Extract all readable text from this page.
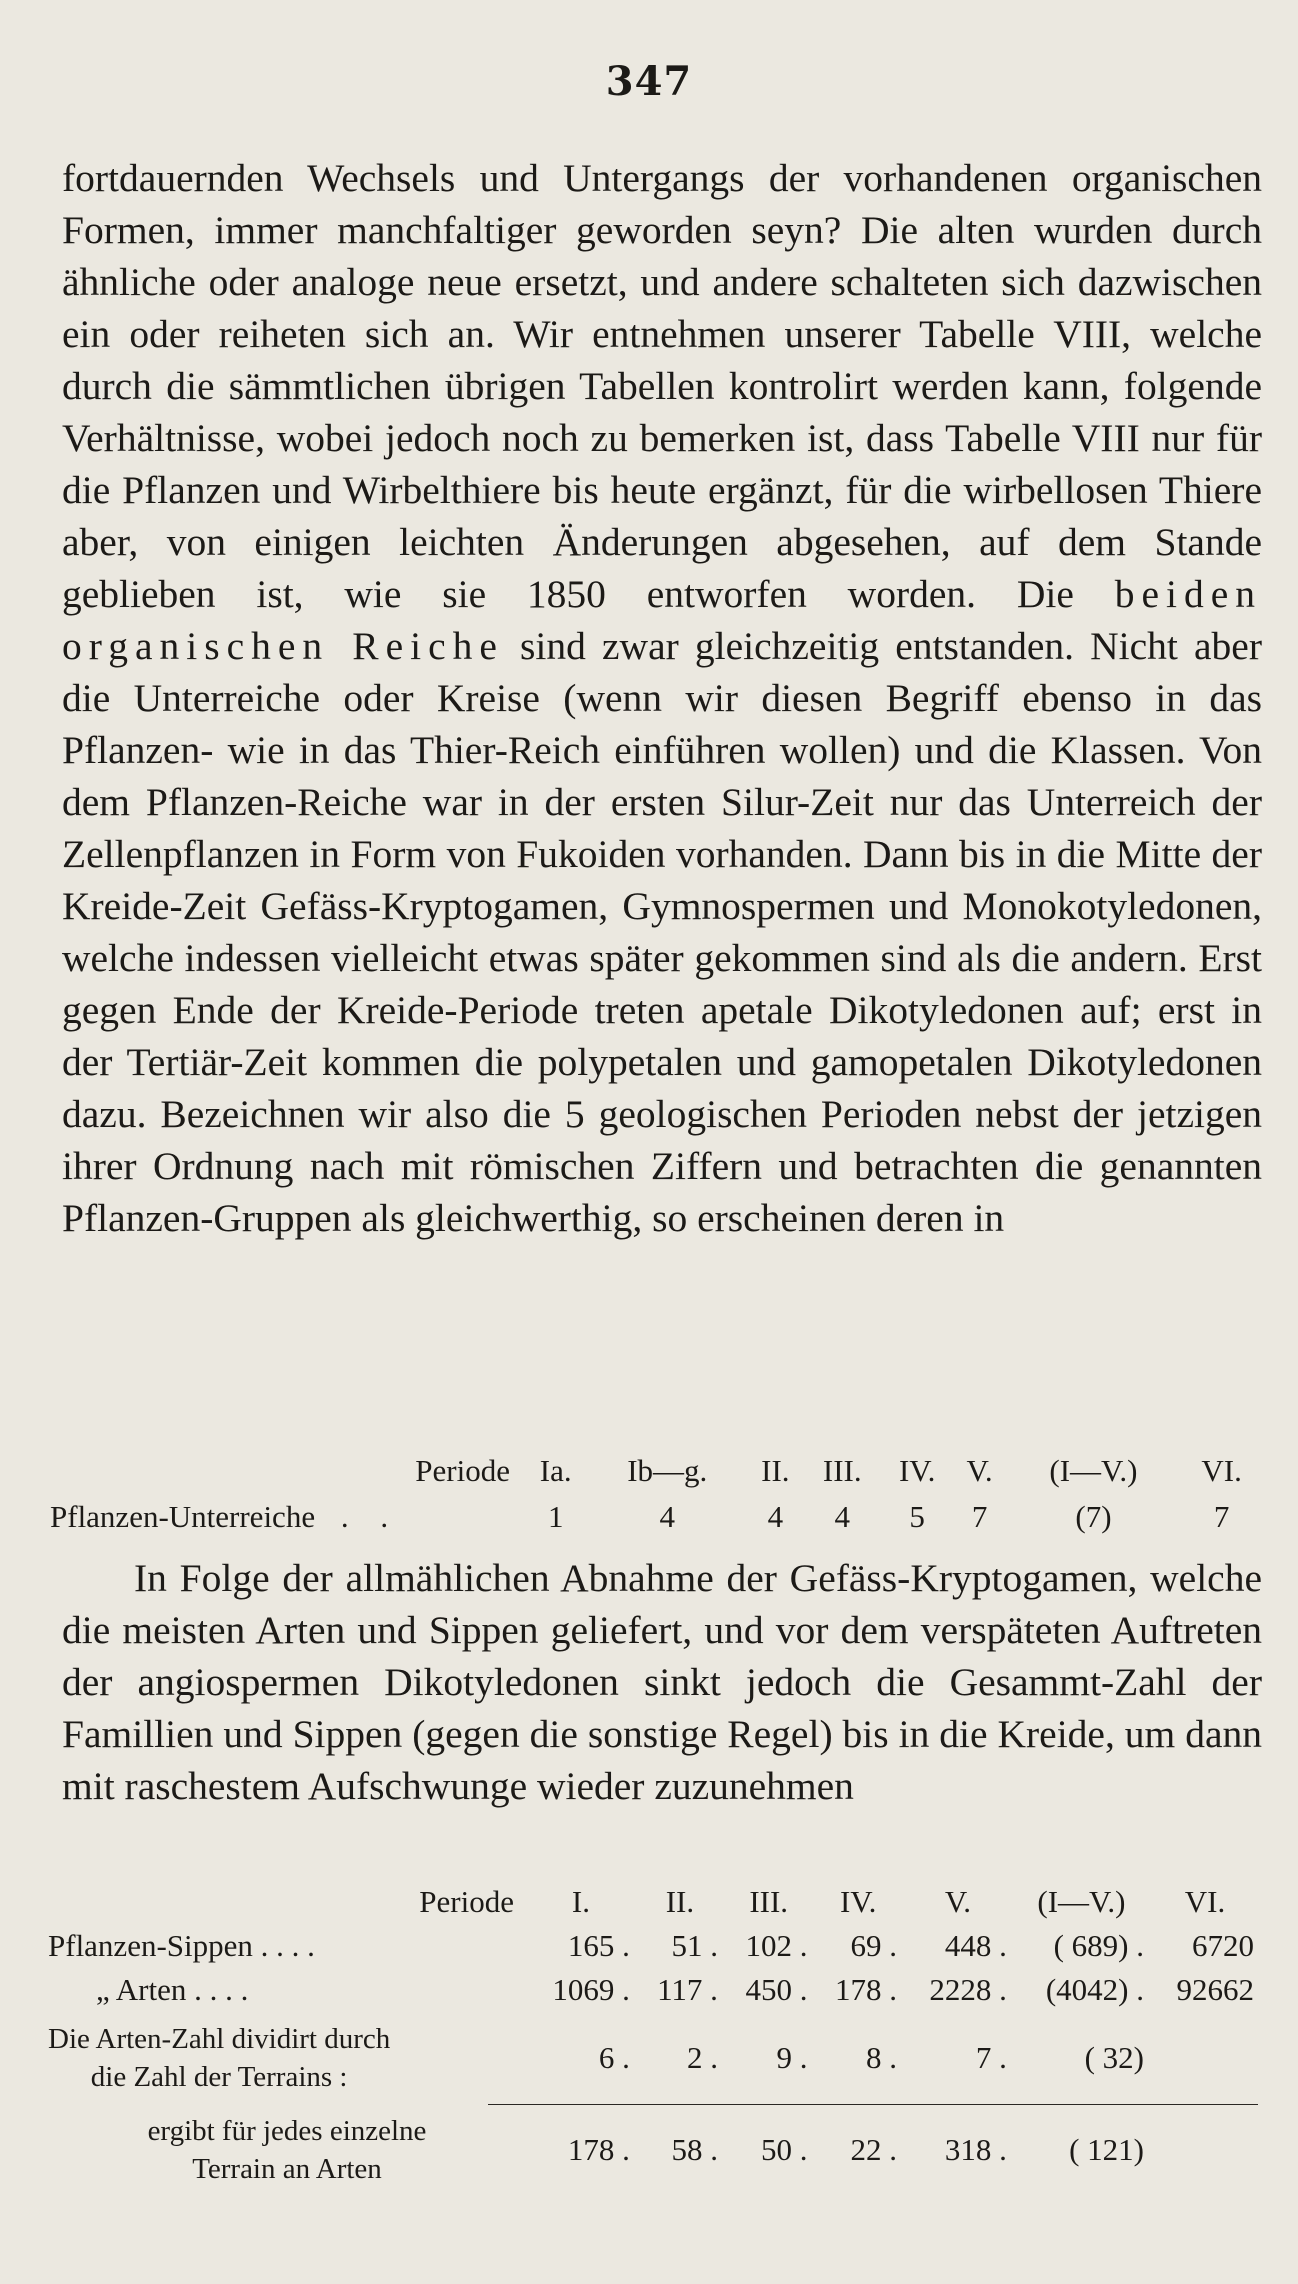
347
fortdauernden Wechsels und Untergangs der vorhandenen organischen Formen, immer manchfaltiger geworden seyn? Die alten wurden durch ähnliche oder analoge neue ersetzt, und andere schalteten sich dazwischen ein oder reiheten sich an. Wir entnehmen unserer Tabelle VIII, welche durch die sämmtlichen übrigen Tabellen kontrolirt werden kann, folgende Verhältnisse, wobei jedoch noch zu bemerken ist, dass Tabelle VIII nur für die Pflanzen und Wirbelthiere bis heute ergänzt, für die wirbellosen Thiere aber, von einigen leichten Änderungen abgesehen, auf dem Stande geblieben ist, wie sie 1850 entworfen worden. Die beiden organischen Reiche sind zwar gleichzeitig entstanden. Nicht aber die Unterreiche oder Kreise (wenn wir diesen Begriff ebenso in das Pflanzen- wie in das Thier-Reich einführen wollen) und die Klassen. Von dem Pflanzen-Reiche war in der ersten Silur-Zeit nur das Unterreich der Zellenpflanzen in Form von Fukoiden vorhanden. Dann bis in die Mitte der Kreide-Zeit Gefäss-Kryptogamen, Gymnospermen und Monokotyledonen, welche indessen vielleicht etwas später gekommen sind als die andern. Erst gegen Ende der Kreide-Periode treten apetale Dikotyledonen auf; erst in der Tertiär-Zeit kommen die polypetalen und gamopetalen Dikotyledonen dazu. Bezeichnen wir also die 5 geologischen Perioden nebst der jetzigen ihrer Ordnung nach mit römischen Ziffern und betrachten die genannten Pflanzen-Gruppen als gleichwerthig, so erscheinen deren in
Periode	Ia.	Ib—g.	II.	III.	IV.	V.	(I—V.)	VI.
Pflanzen-Unterreiche . .	1	4	4	4	5	7	(7)	7
In Folge der allmählichen Abnahme der Gefäss-Kryptogamen, welche die meisten Arten und Sippen geliefert, und vor dem verspäteten Auftreten der angiospermen Dikotyledonen sinkt jedoch die Gesammt-Zahl der Famillien und Sippen (gegen die sonstige Regel) bis in die Kreide, um dann mit raschestem Aufschwunge wieder zuzunehmen
Periode	I.	II.	III.	IV.	V.	(I—V.)	VI.
Pflanzen-Sippen . . . .	165 .	51 .	102 .	69 .	448 .	( 689) .	6720
„ Arten . . . .	1069 .	117 .	450 .	178 .	2228 .	(4042) .	92662

Die Arten-Zahl dividirt durch
die Zahl der Terrains :	6 .	2 .	9 .	8 .	7 .	( 32)	

ergibt für jedes einzelne
Terrain an Arten	178 .	58 .	50 .	22 .	318 .	( 121)	
